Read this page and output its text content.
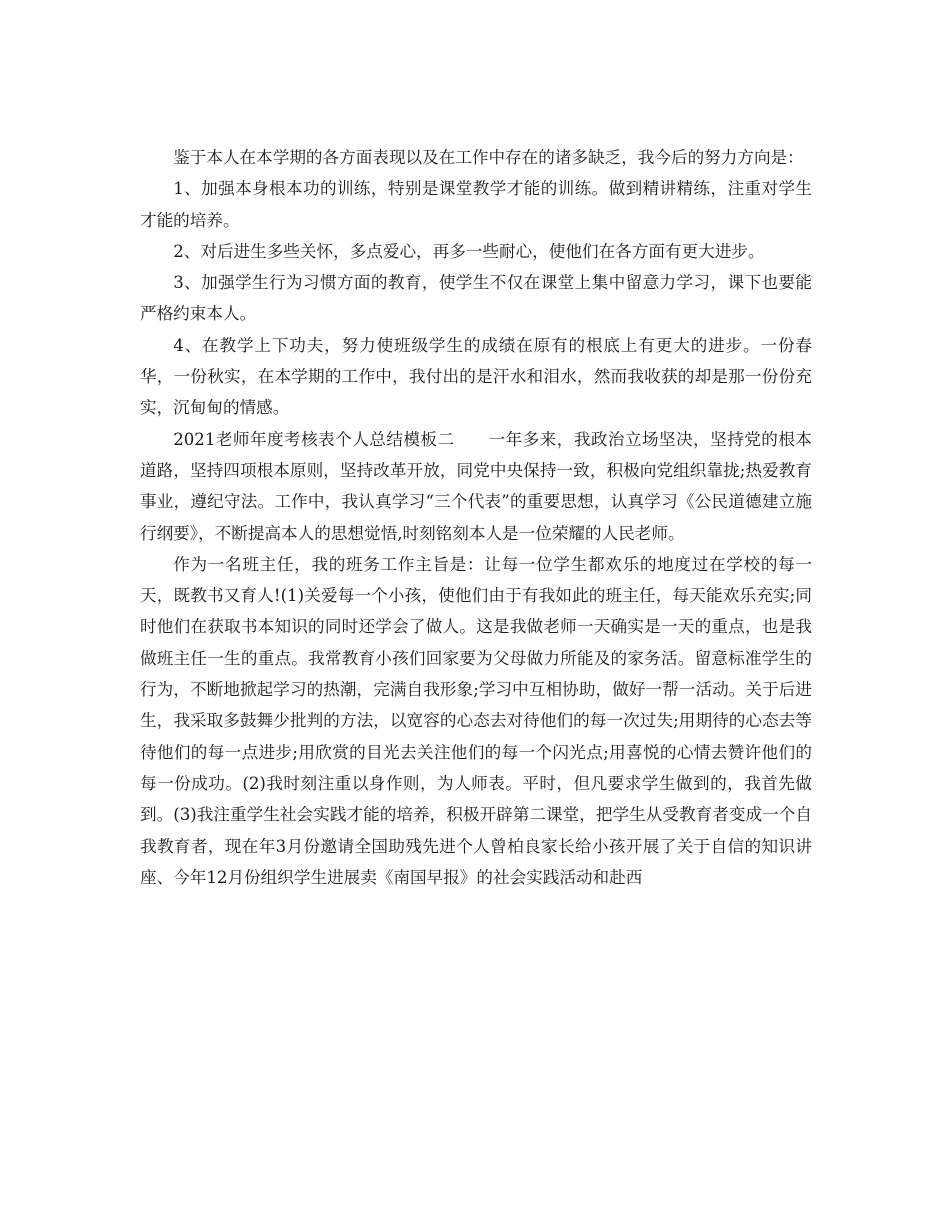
鉴于本人在本学期的各方面表现以及在工作中存在的诸多缺乏，我今后的努力方向是：

1、加强本身根本功的训练，特别是课堂教学才能的训练。做到精讲精练，注重对学生才能的培养。

2、对后进生多些关怀，多点爱心，再多一些耐心，使他们在各方面有更大进步。

3、加强学生行为习惯方面的教育，使学生不仅在课堂上集中留意力学习，课下也要能严格约束本人。

4、在教学上下功夫，努力使班级学生的成绩在原有的根底上有更大的进步。一份春华，一份秋实，在本学期的工作中，我付出的是汗水和泪水，然而我收获的却是那一份份充实，沉甸甸的情感。

2021老师年度考核表个人总结模板二　　一年多来，我政治立场坚决，坚持党的根本道路，坚持四项根本原则，坚持改革开放，同党中央保持一致，积极向党组织靠拢;热爱教育事业，遵纪守法。工作中，我认真学习“三个代表”的重要思想，认真学习《公民道德建立施行纲要》，不断提高本人的思想觉悟,时刻铭刻本人是一位荣耀的人民老师。

作为一名班主任，我的班务工作主旨是：让每一位学生都欢乐的地度过在学校的每一天，既教书又育人!(1)关爱每一个小孩，使他们由于有我如此的班主任，每天能欢乐充实;同时他们在获取书本知识的同时还学会了做人。这是我做老师一天确实是一天的重点，也是我做班主任一生的重点。我常教育小孩们回家要为父母做力所能及的家务活。留意标准学生的行为，不断地掀起学习的热潮，完满自我形象;学习中互相协助，做好一帮一活动。关于后进生，我采取多鼓舞少批判的方法，以宽容的心态去对待他们的每一次过失;用期待的心态去等待他们的每一点进步;用欣赏的目光去关注他们的每一个闪光点;用喜悦的心情去赞许他们的每一份成功。(2)我时刻注重以身作则，为人师表。平时，但凡要求学生做到的，我首先做到。(3)我注重学生社会实践才能的培养，积极开辟第二课堂，把学生从受教育者变成一个自我教育者，现在年3月份邀请全国助残先进个人曾柏良家长给小孩开展了关于自信的知识讲座、今年12月份组织学生进展卖《南国早报》的社会实践活动和赴西
